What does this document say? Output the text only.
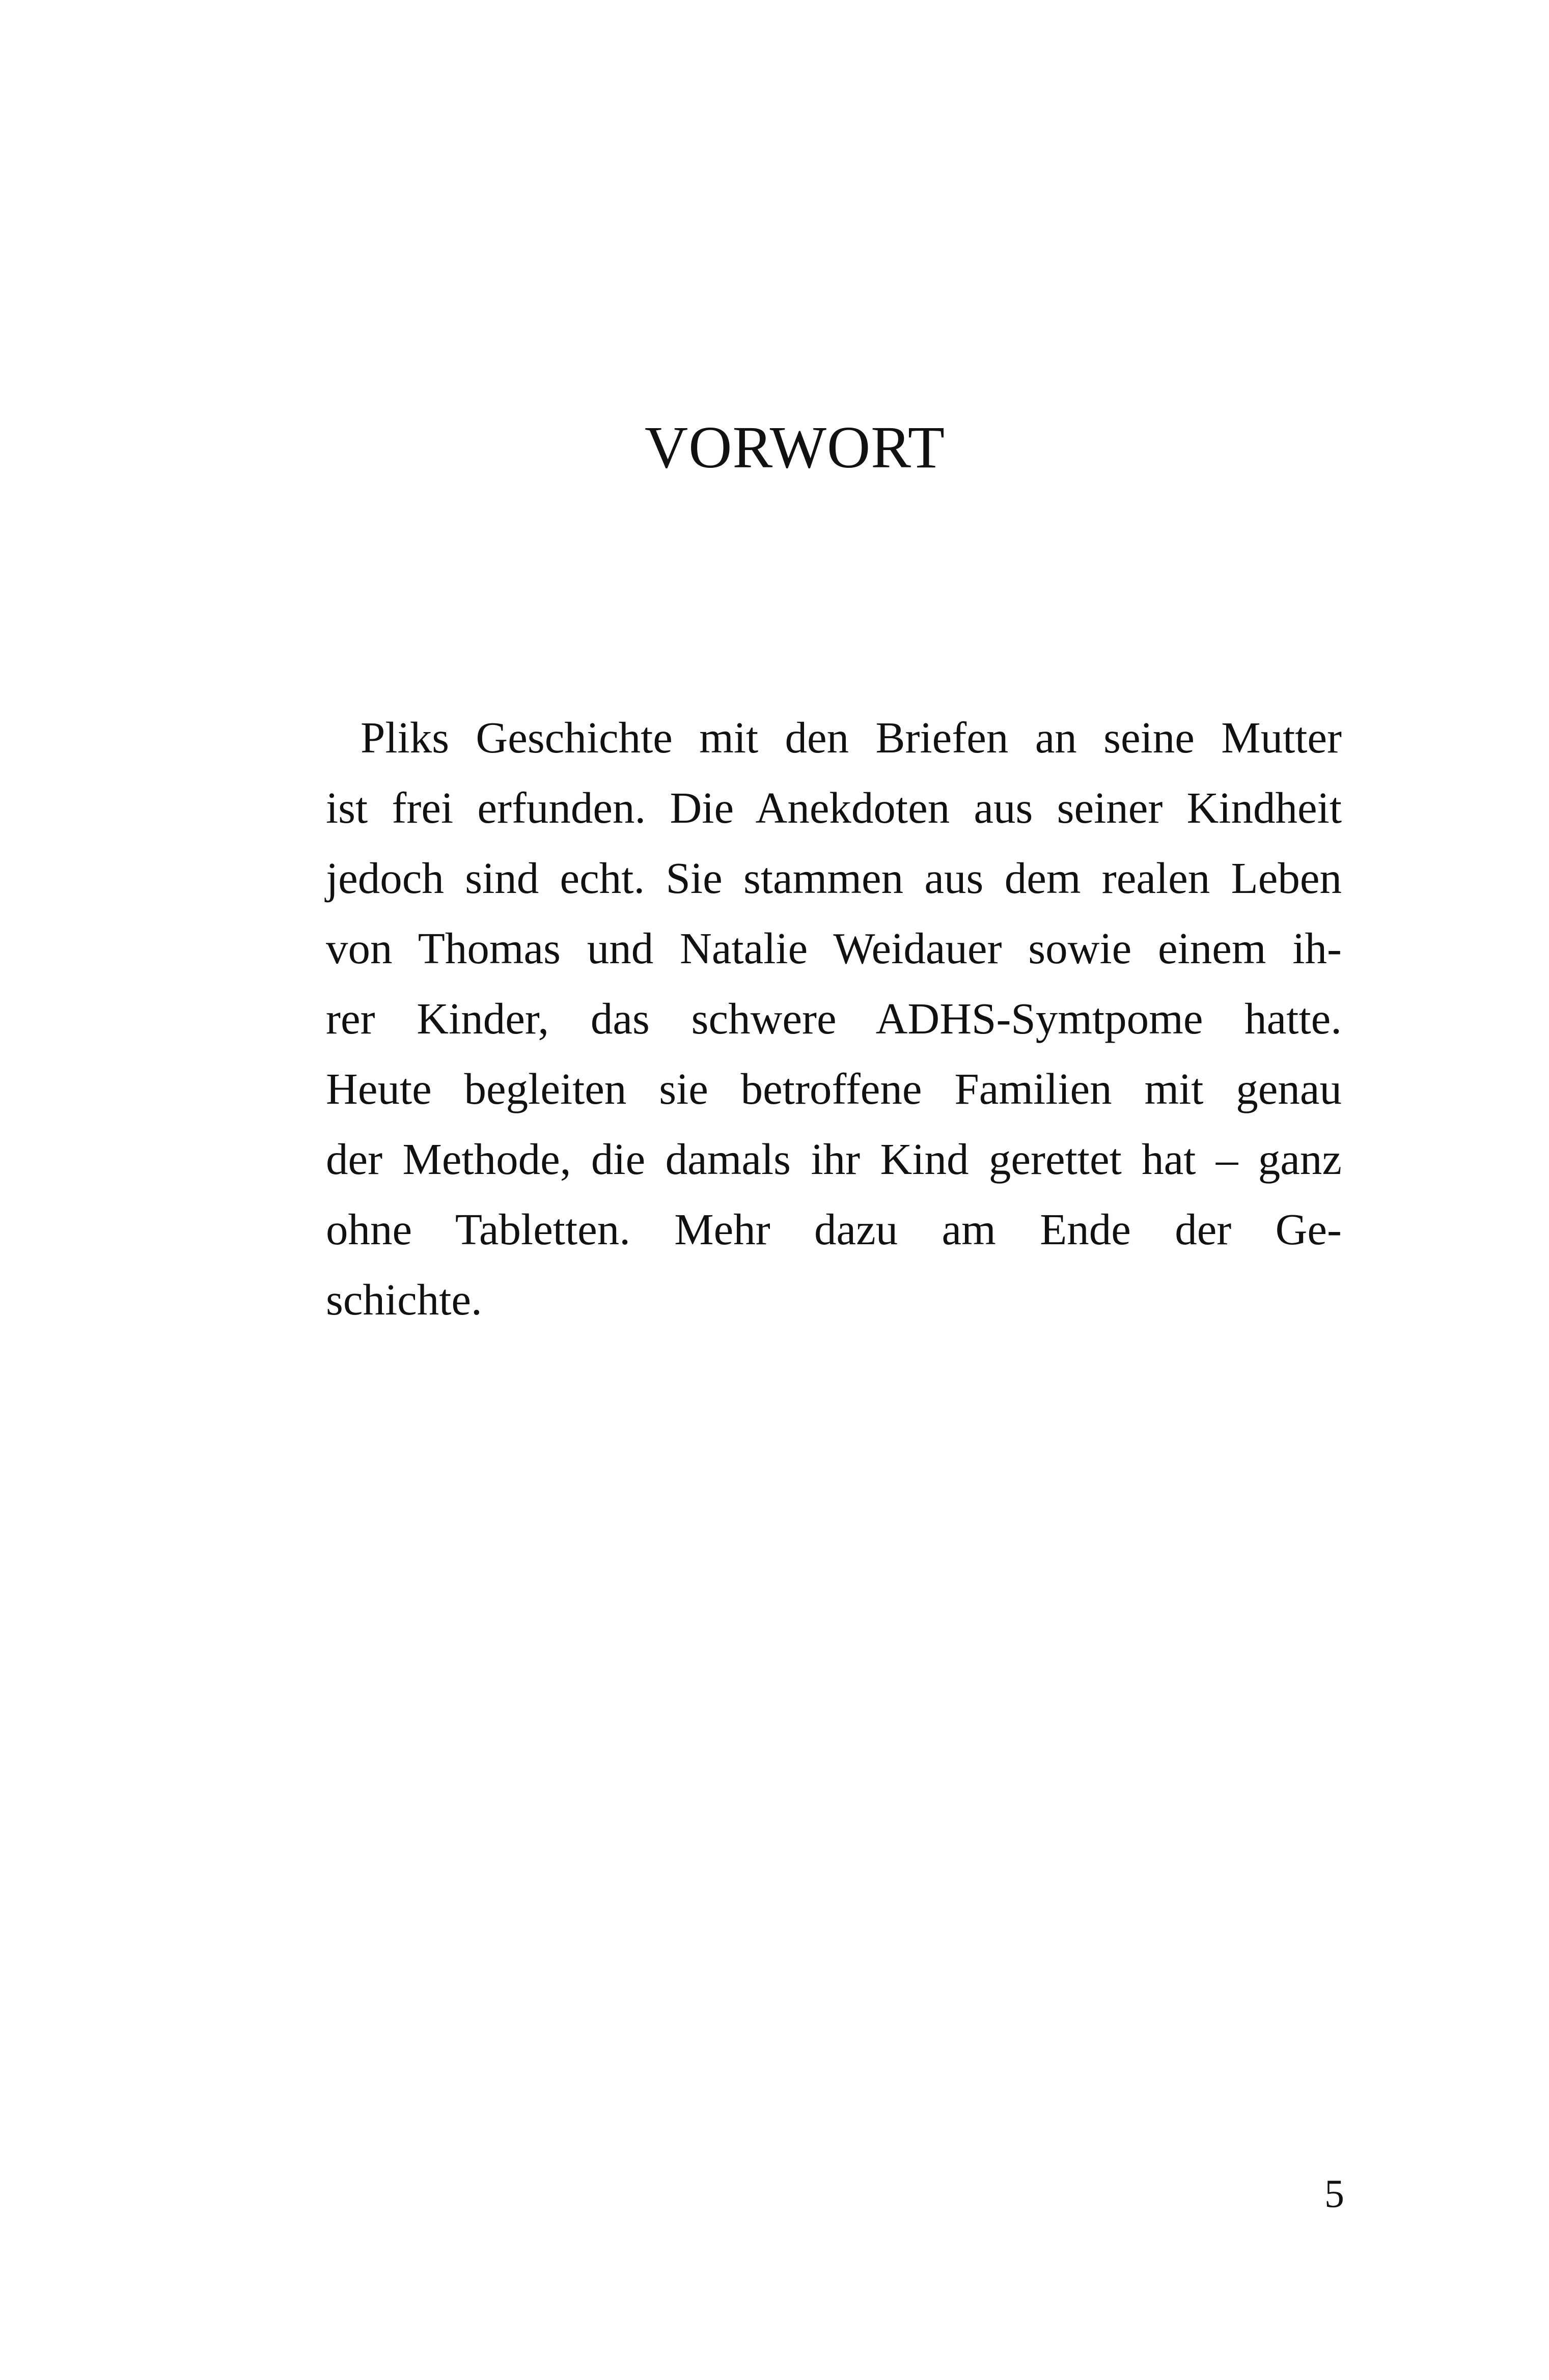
VORWORT
Pliks Geschichte mit den Briefen an seine Mutter
ist frei erfunden. Die Anekdoten aus seiner Kindheit
jedoch sind echt. Sie stammen aus dem realen Leben
von Thomas und Natalie Weidauer sowie einem ih-
rer Kinder, das schwere ADHS-Symtpome hatte.
Heute begleiten sie betroffene Familien mit genau
der Methode, die damals ihr Kind gerettet hat – ganz
ohne Tabletten. Mehr dazu am Ende der Ge-
schichte.
5
